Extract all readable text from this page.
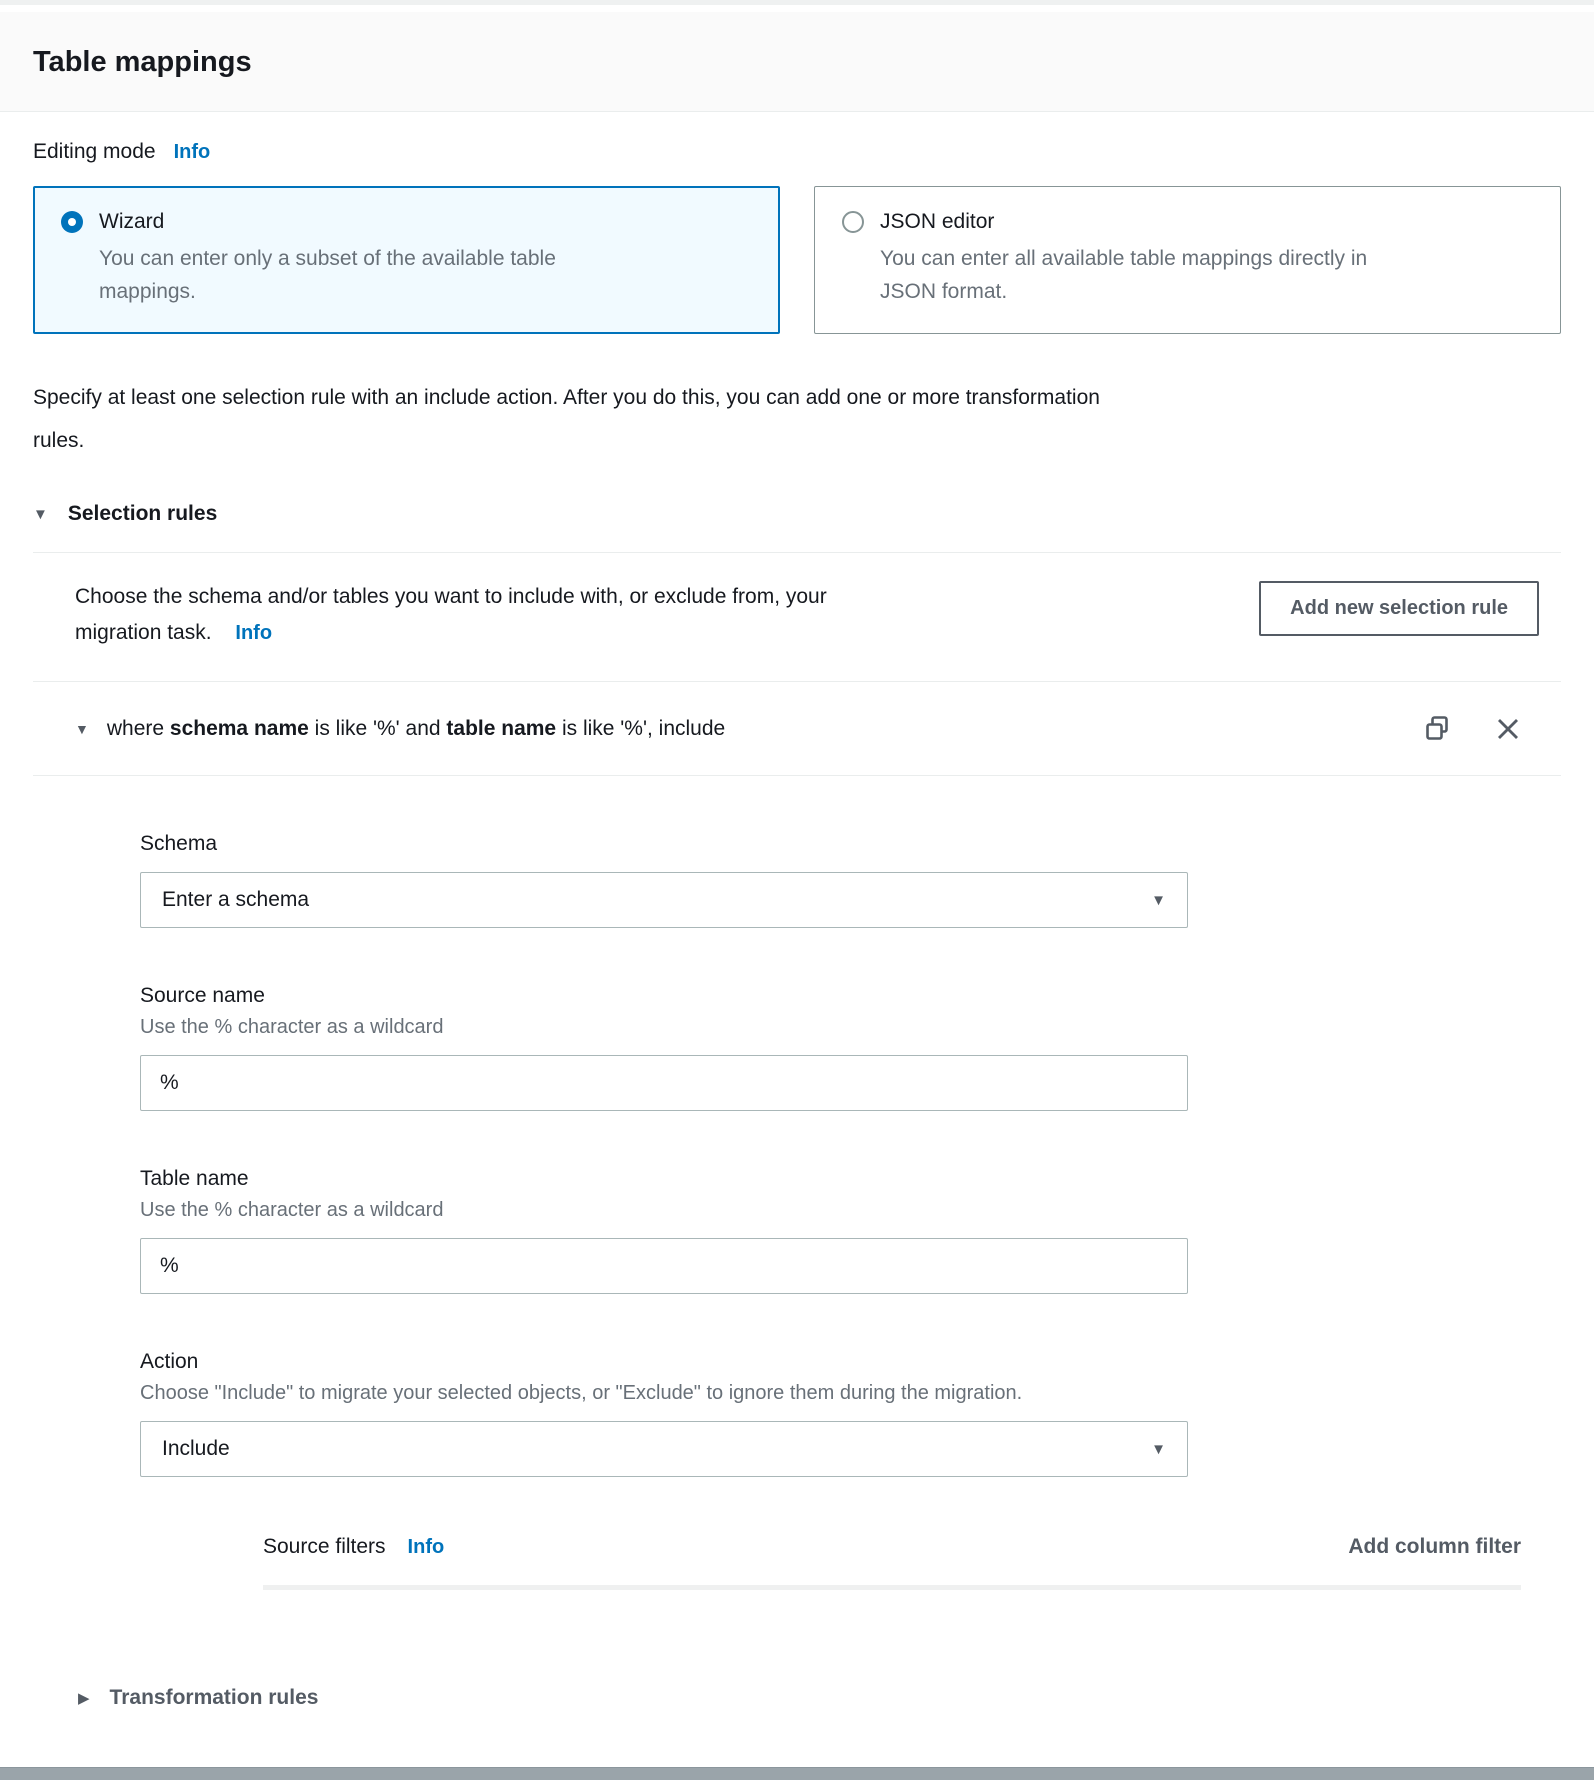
Table mappings
Editing mode Info
Wizard
You can enter only a subset of the available table
mappings.
JSON editor
You can enter all available table mappings directly in
JSON format.
Specify at least one selection rule with an include action. After you do this, you can add one or more transformation
rules.
▼ Selection rules
Choose the schema and/or tables you want to include with, or exclude from, your
migration task. Info
Add new selection rule
▼ where schema name is like '%' and table name is like '%', include
Schema
Enter a schema	▼
Source name
Use the % character as a wildcard
%
Table name
Use the % character as a wildcard
%
Action
Choose "Include" to migrate your selected objects, or "Exclude" to ignore them during the migration.
Include	▼
Source filters Info	Add column filter
▶ Transformation rules
